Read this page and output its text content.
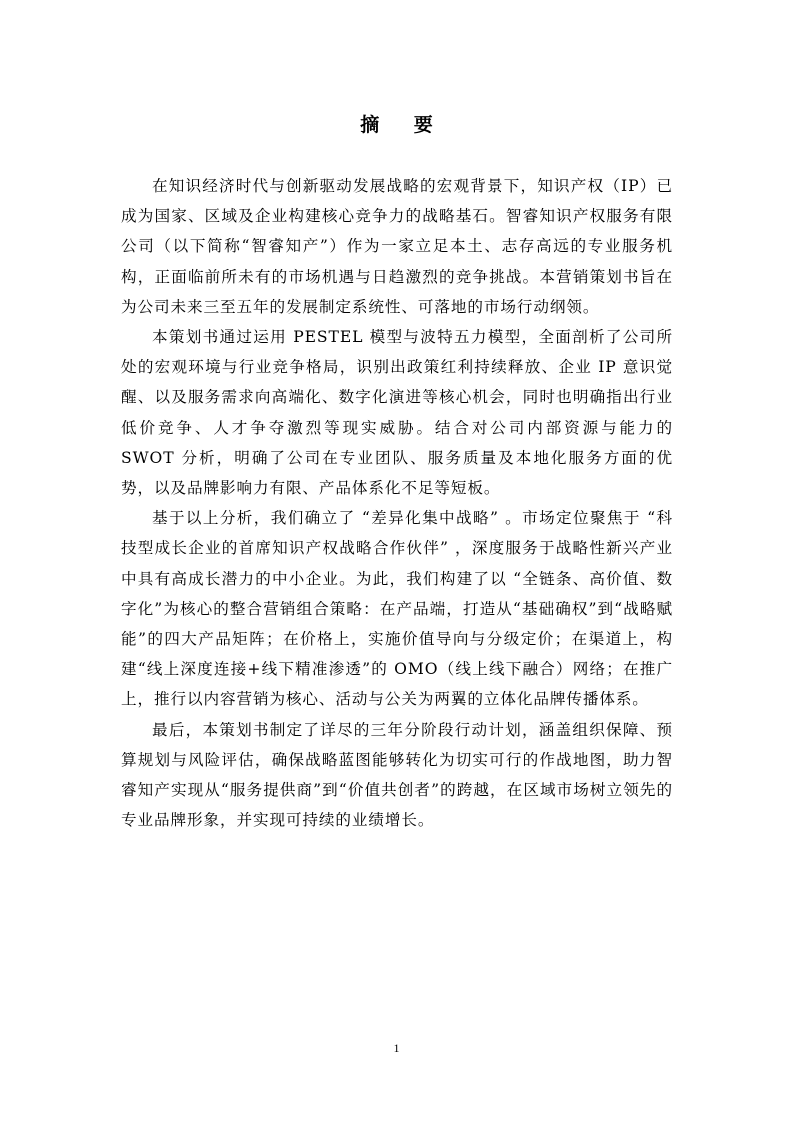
摘 要

在知识经济时代与创新驱动发展战略的宏观背景下，知识产权（IP）已成为国家、区域及企业构建核心竞争力的战略基石。智睿知识产权服务有限公司（以下简称“智睿知产”）作为一家立足本土、志存高远的专业服务机构，正面临前所未有的市场机遇与日趋激烈的竞争挑战。本营销策划书旨在为公司未来三至五年的发展制定系统性、可落地的市场行动纲领。

本策划书通过运用 PESTEL 模型与波特五力模型，全面剖析了公司所处的宏观环境与行业竞争格局，识别出政策红利持续释放、企业 IP 意识觉醒、以及服务需求向高端化、数字化演进等核心机会，同时也明确指出行业低价竞争、人才争夺激烈等现实威胁。结合对公司内部资源与能力的 SWOT 分析，明确了公司在专业团队、服务质量及本地化服务方面的优势，以及品牌影响力有限、产品体系化不足等短板。

基于以上分析，我们确立了 “差异化集中战略” 。市场定位聚焦于 “科技型成长企业的首席知识产权战略合作伙伴” ，深度服务于战略性新兴产业中具有高成长潜力的中小企业。为此，我们构建了以 “全链条、高价值、数字化”为核心的整合营销组合策略：在产品端，打造从“基础确权”到“战略赋能”的四大产品矩阵；在价格上，实施价值导向与分级定价；在渠道上，构建“线上深度连接+线下精准渗透”的 OMO（线上线下融合）网络；在推广上，推行以内容营销为核心、活动与公关为两翼的立体化品牌传播体系。

最后，本策划书制定了详尽的三年分阶段行动计划，涵盖组织保障、预算规划与风险评估，确保战略蓝图能够转化为切实可行的作战地图，助力智睿知产实现从“服务提供商”到“价值共创者”的跨越，在区域市场树立领先的专业品牌形象，并实现可持续的业绩增长。

1
